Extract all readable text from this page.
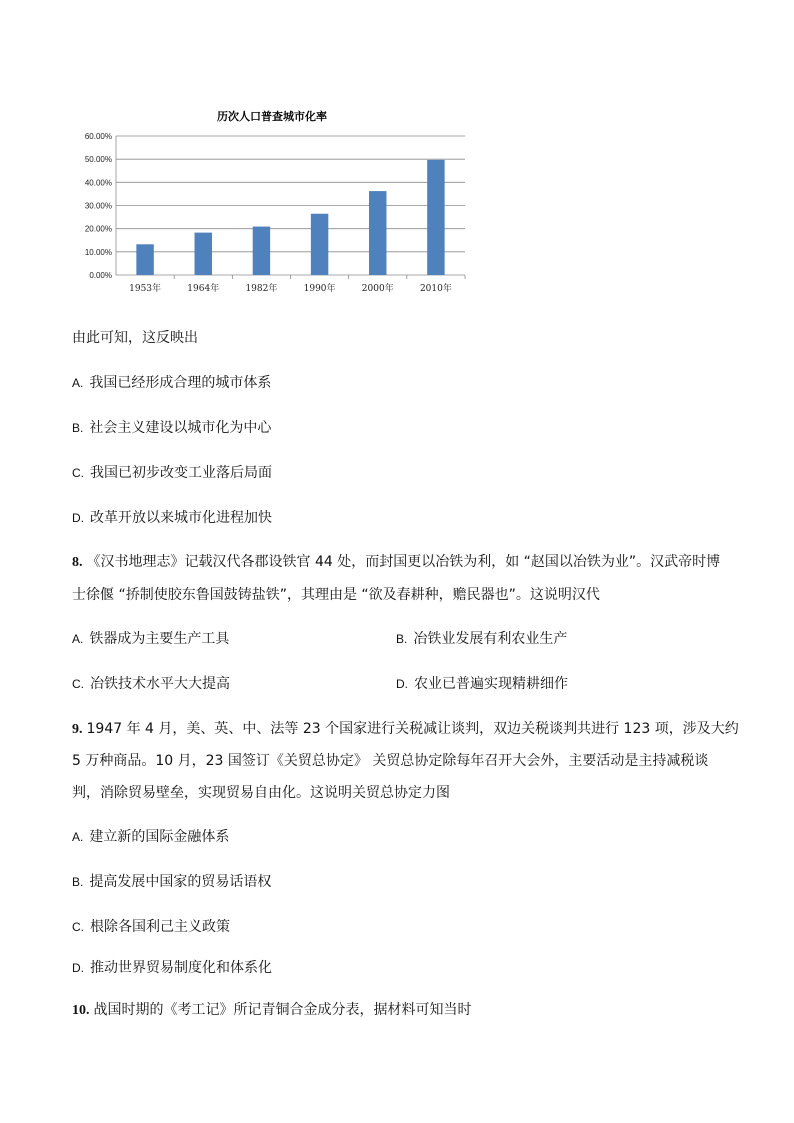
历次人口普查城市化率
0.00%
10.00%
20.00%
30.00%
40.00%
50.00%
60.00%
1953年	1964年	1982年	1990年	2000年	2010年
由此可知，这反映出
A. 我国已经形成合理的城市体系
B. 社会主义建设以城市化为中心
C. 我国已初步改变工业落后局面
D. 改革开放以来城市化进程加快
8. 《汉书地理志》记载汉代各郡设铁官 44 处，而封国更以冶铁为利，如 “赵国以冶铁为业”。汉武帝时博
士徐偃 “挢制使胶东鲁国鼓铸盐铁”，其理由是 “欲及春耕种，赡民器也”。这说明汉代
A. 铁器成为主要生产工具	B. 冶铁业发展有利农业生产
C. 冶铁技术水平大大提高	D. 农业已普遍实现精耕细作
9. 1947 年 4 月，美、英、中、法等 23 个国家进行关税减让谈判，双边关税谈判共进行 123 项，涉及大约
5 万种商品。10 月，23 国签订《关贸总协定》 关贸总协定除每年召开大会外，主要活动是主持减税谈
判，消除贸易壁垒，实现贸易自由化。这说明关贸总协定力图
A. 建立新的国际金融体系
B. 提高发展中国家的贸易话语权
C. 根除各国利己主义政策
D. 推动世界贸易制度化和体系化
10. 战国时期的《考工记》所记青铜合金成分表，据材料可知当时
